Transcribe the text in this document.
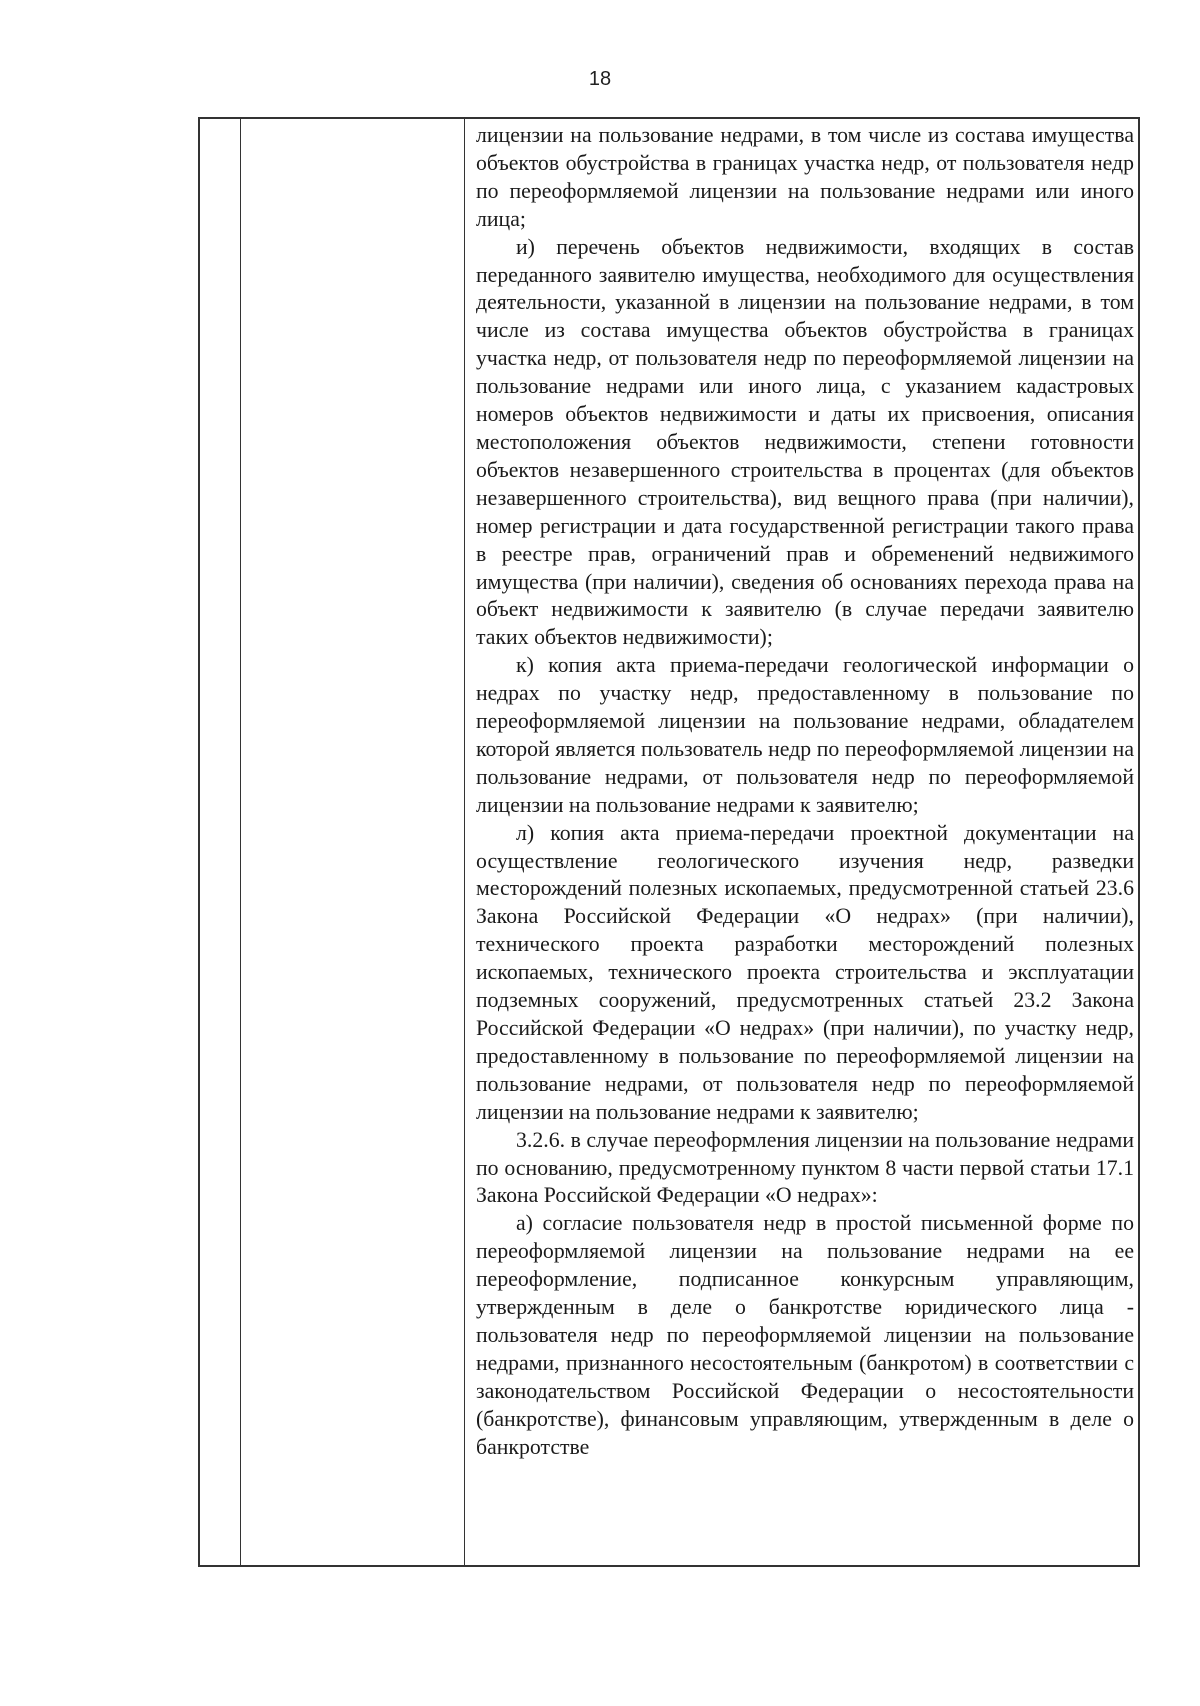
18

лицензии на пользование недрами, в том числе из состава имущества объектов обустройства в границах участка недр, от пользователя недр по переоформляемой лицензии на пользование недрами или иного лица;

и) перечень объектов недвижимости, входящих в состав переданного заявителю имущества, необходимого для осуществления деятельности, указанной в лицензии на пользование недрами, в том числе из состава имущества объектов обустройства в границах участка недр, от пользователя недр по переоформляемой лицензии на пользование недрами или иного лица, с указанием кадастровых номеров объектов недвижимости и даты их присвоения, описания местоположения объектов недвижимости, степени готовности объектов незавершенного строительства в процентах (для объектов незавершенного строительства), вид вещного права (при наличии), номер регистрации и дата государственной регистрации такого права в реестре прав, ограничений прав и обременений недвижимого имущества (при наличии), сведения об основаниях перехода права на объект недвижимости к заявителю (в случае передачи заявителю таких объектов недвижимости);

к) копия акта приема-передачи геологической информации о недрах по участку недр, предоставленному в пользование по переоформляемой лицензии на пользование недрами, обладателем которой является пользователь недр по переоформляемой лицензии на пользование недрами, от пользователя недр по переоформляемой лицензии на пользование недрами к заявителю;

л) копия акта приема-передачи проектной документации на осуществление геологического изучения недр, разведки месторождений полезных ископаемых, предусмотренной статьей 23.6 Закона Российской Федерации «О недрах» (при наличии), технического проекта разработки месторождений полезных ископаемых, технического проекта строительства и эксплуатации подземных сооружений, предусмотренных статьей 23.2 Закона Российской Федерации «О недрах» (при наличии), по участку недр, предоставленному в пользование по переоформляемой лицензии на пользование недрами, от пользователя недр по переоформляемой лицензии на пользование недрами к заявителю;

3.2.6. в случае переоформления лицензии на пользование недрами по основанию, предусмотренному пунктом 8 части первой статьи 17.1 Закона Российской Федерации «О недрах»:

а) согласие пользователя недр в простой письменной форме по переоформляемой лицензии на пользование недрами на ее переоформление, подписанное конкурсным управляющим, утвержденным в деле о банкротстве юридического лица - пользователя недр по переоформляемой лицензии на пользование недрами, признанного несостоятельным (банкротом) в соответствии с законодательством Российской Федерации о несостоятельности (банкротстве), финансовым управляющим, утвержденным в деле о банкротстве
